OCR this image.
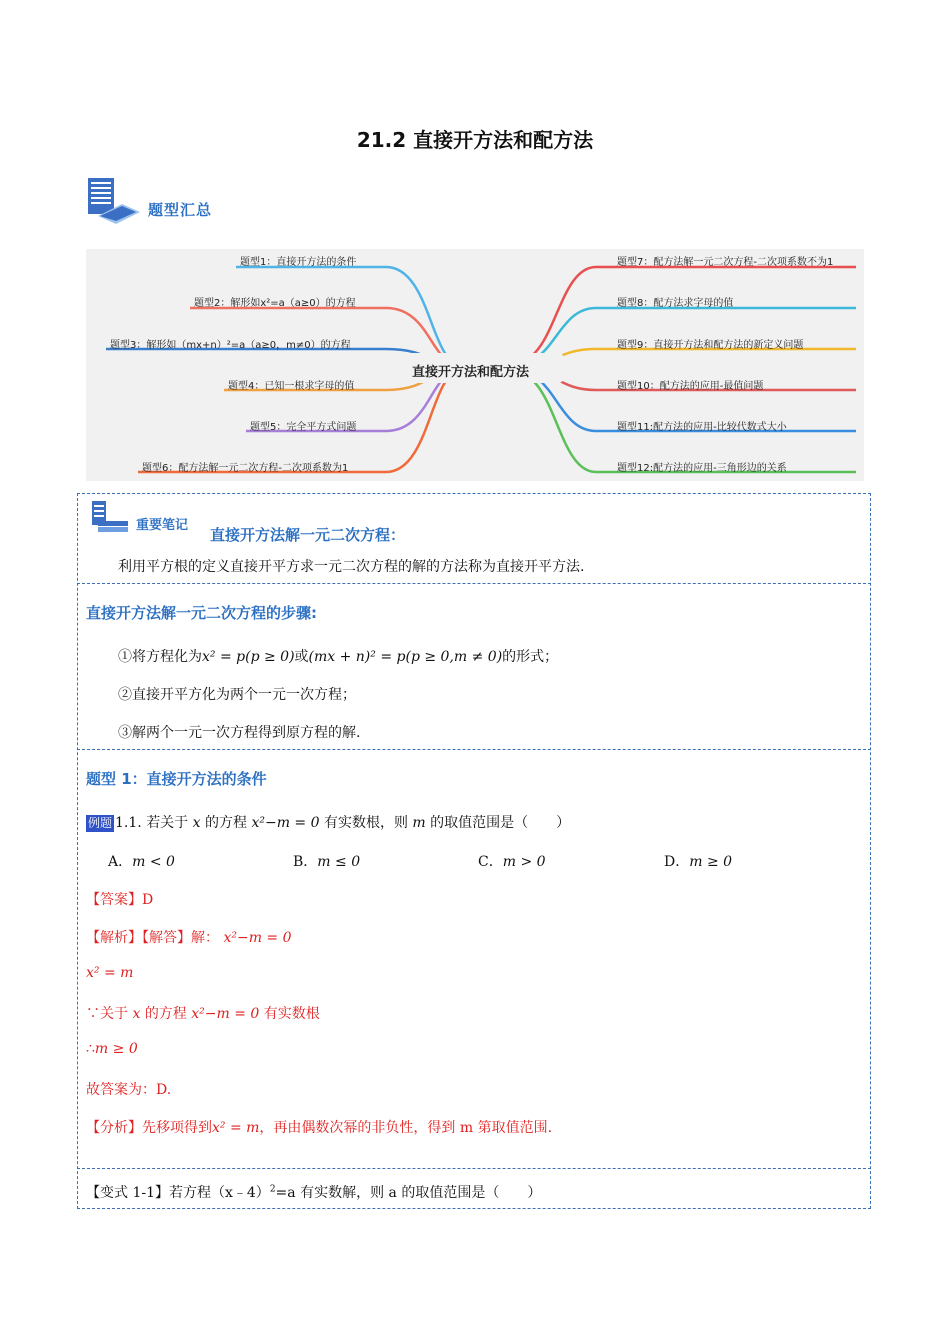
21.2 直接开方法和配方法
题型汇总
直接开方法和配方法
题型1：直接开方法的条件
题型2：解形如x²=a（a≥0）的方程
题型3：解形如（mx+n）²=a（a≥0，m≠0）的方程
题型4：已知一根求字母的值
题型5：完全平方式问题
题型6：配方法解一元二次方程-二次项系数为1
题型7：配方法解一元二次方程-二次项系数不为1
题型8：配方法求字母的值
题型9：直接开方法和配方法的新定义问题
题型10：配方法的应用-最值问题
题型11:配方法的应用-比较代数式大小
题型12:配方法的应用-三角形边的关系
重要笔记
直接开方法解一元二次方程：
利用平方根的定义直接开平方求一元二次方程的解的方法称为直接开平方法.
直接开方法解一元二次方程的步骤:
①将方程化为x² = p(p ≥ 0)或(mx + n)² = p(p ≥ 0,m ≠ 0)的形式；
②直接开平方化为两个一元一次方程；
③解两个一元一次方程得到原方程的解.
题型 1：直接开方法的条件
例题 1.1. 若关于 x 的方程 x²−m = 0 有实数根，则 m 的取值范围是（　　）
A．m < 0	B．m ≤ 0	C．m > 0	D．m ≥ 0
【答案】D
【解析】【解答】解： x²−m = 0
x² = m
∵关于 x 的方程 x²−m = 0 有实数根
∴m ≥ 0
故答案为：D.
【分析】先移项得到x² = m，再由偶数次幂的非负性，得到 m 第取值范围.
【变式 1-1】若方程（x﹣4）$^2$=a 有实数解，则 a 的取值范围是（　　）
